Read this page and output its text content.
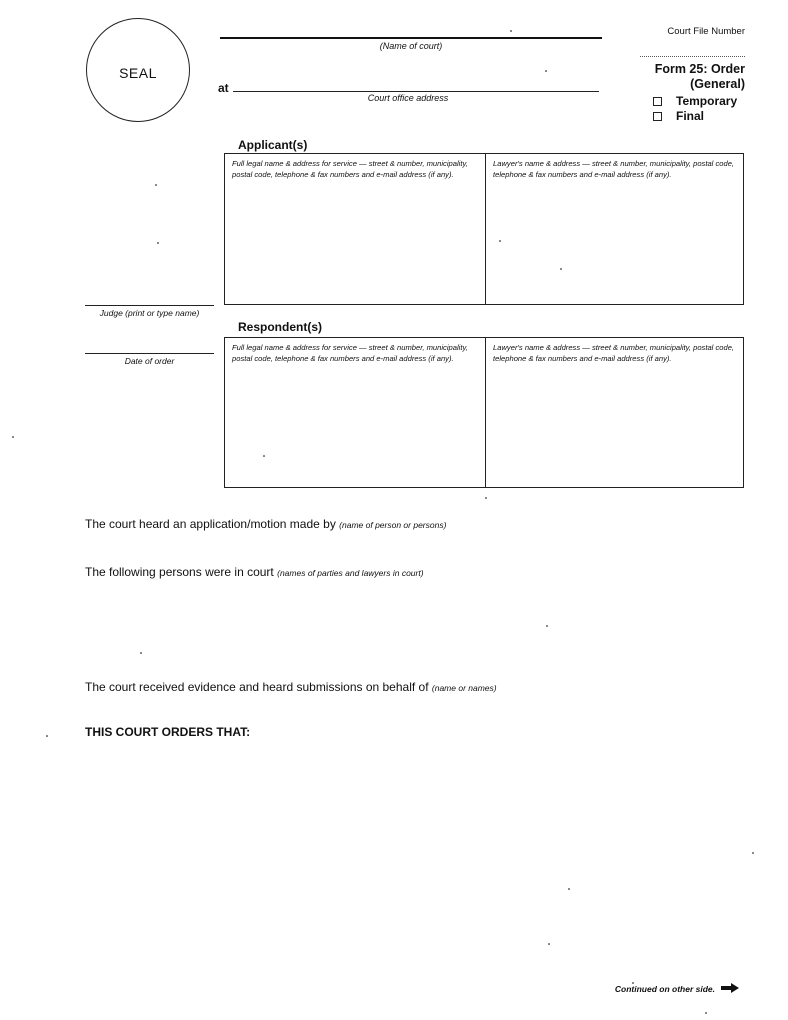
SEAL
(Name of court)
at
Court office address
Court File Number
Form 25: Order
(General)
Temporary
Final
Applicant(s)
Full legal name & address for service — street & number, municipality, postal code, telephone & fax numbers and e-mail address (if any).
Lawyer's name & address — street & number, municipality, postal code, telephone & fax numbers and e-mail address (if any).
Judge (print or type name)
Respondent(s)
Full legal name & address for service — street & number, municipality, postal code, telephone & fax numbers and e-mail address (if any).
Lawyer's name & address — street & number, municipality, postal code, telephone & fax numbers and e-mail address (if any).
Date of order
The court heard an application/motion made by (name of person or persons)
The following persons were in court (names of parties and lawyers in court)
The court received evidence and heard submissions on behalf of (name or names)
THIS COURT ORDERS THAT:
Continued on other side.
